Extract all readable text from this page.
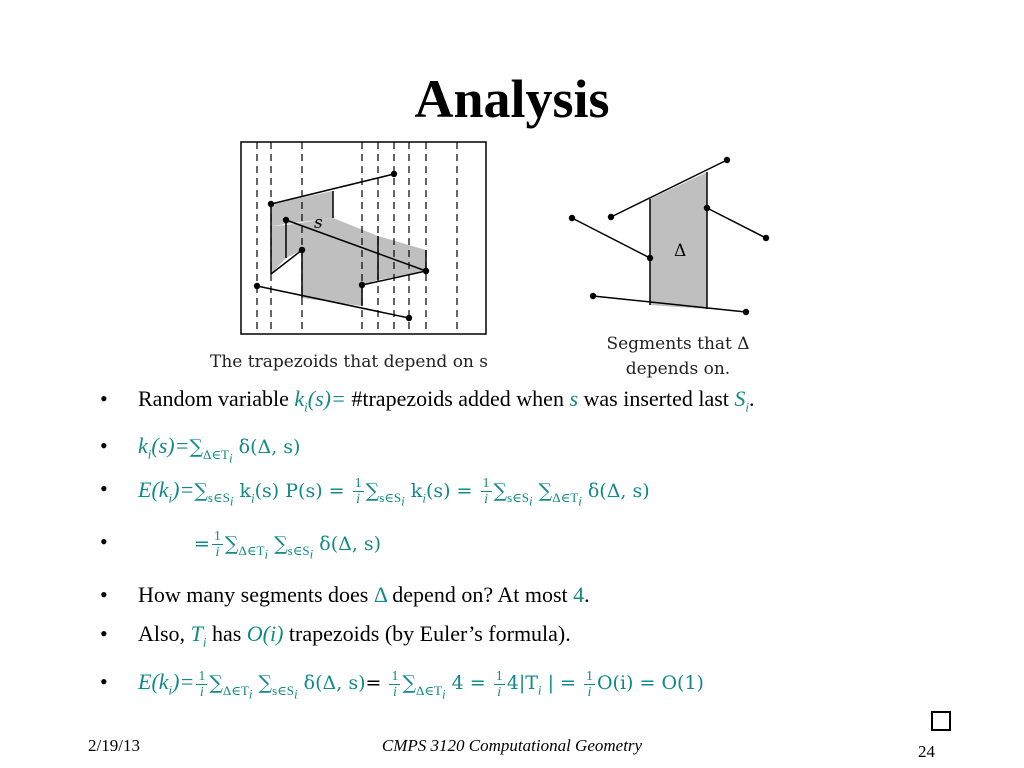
Analysis
s
Δ
The trapezoids that depend on s
Segments that Δ
depends on.
• Random variable $k_i(s)=$ #trapezoids added when s was inserted last $S_i$.
• $k_i(s)=\sum_{\Delta\in T_i}$ δ(Δ, s)
• $E(k_i)=\sum_{s\in S_i}$ $k_i(s) P(s) = \frac{1}{i} \sum_{s\in S_i}$ $k_i(s) = \frac{1}{i} \sum_{s\in S_i}$ $\sum_{\Delta\in T_i}$ δ(Δ, s)
• = $\frac{1}{i} \sum_{\Delta\in T_i}$ $\sum_{s\in S_i}$ δ(Δ, s)
• How many segments does Δ depend on? At most 4.
• Also, $T_i$ has O(i) trapezoids (by Euler’s formula).
• $E(k_i)= \frac{1}{i} \sum_{\Delta\in T_i}$ $\sum_{s\in S_i}$ δ(Δ, $s)= \frac{1}{i} \sum_{\Delta\in T_i}$ $4 = \frac{1}{i} 4|T_i$ | = $\frac{1}{i} O(i) = O(1)$
2/19/13	CMPS 3120 Computational Geometry	24
